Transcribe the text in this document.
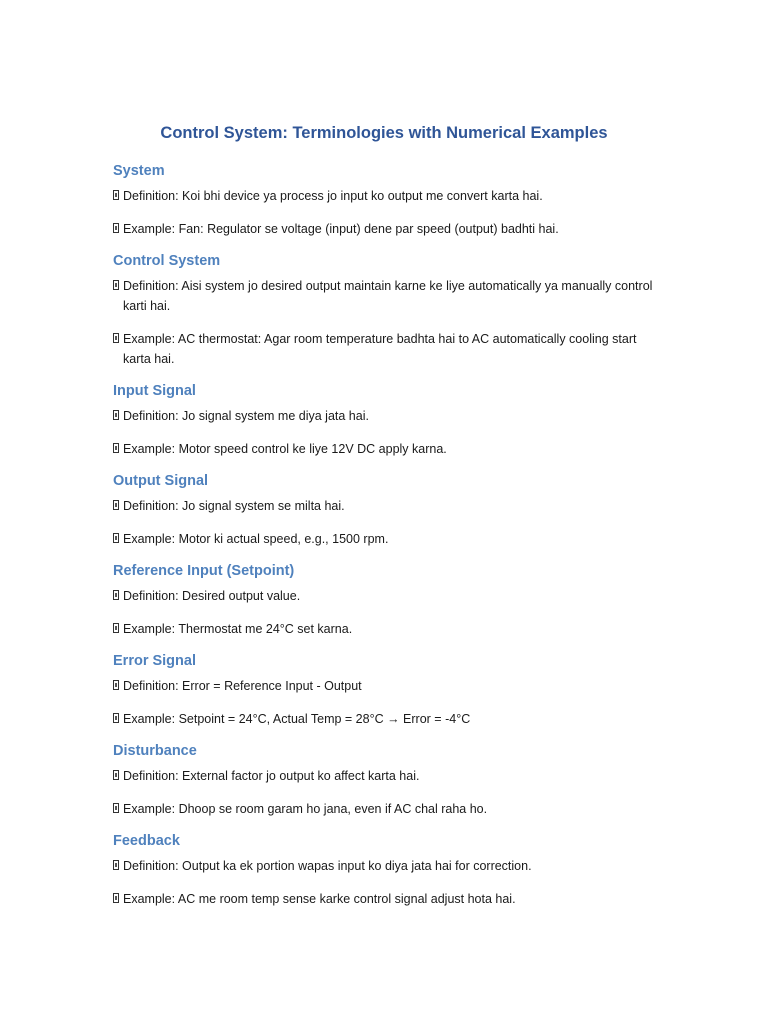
Control System: Terminologies with Numerical Examples
System

Definition: Koi bhi device ya process jo input ko output me convert karta hai.

Example: Fan: Regulator se voltage (input) dene par speed (output) badhti hai.

Control System

Definition: Aisi system jo desired output maintain karne ke liye automatically ya manually control karti hai.

Example: AC thermostat: Agar room temperature badhta hai to AC automatically cooling start karta hai.

Input Signal

Definition: Jo signal system me diya jata hai.

Example: Motor speed control ke liye 12V DC apply karna.

Output Signal

Definition: Jo signal system se milta hai.

Example: Motor ki actual speed, e.g., 1500 rpm.

Reference Input (Setpoint)

Definition: Desired output value.

Example: Thermostat me 24°C set karna.

Error Signal

Definition: Error = Reference Input - Output

Example: Setpoint = 24°C, Actual Temp = 28°C → Error = -4°C

Disturbance

Definition: External factor jo output ko affect karta hai.

Example: Dhoop se room garam ho jana, even if AC chal raha ho.

Feedback

Definition: Output ka ek portion wapas input ko diya jata hai for correction.

Example: AC me room temp sense karke control signal adjust hota hai.
